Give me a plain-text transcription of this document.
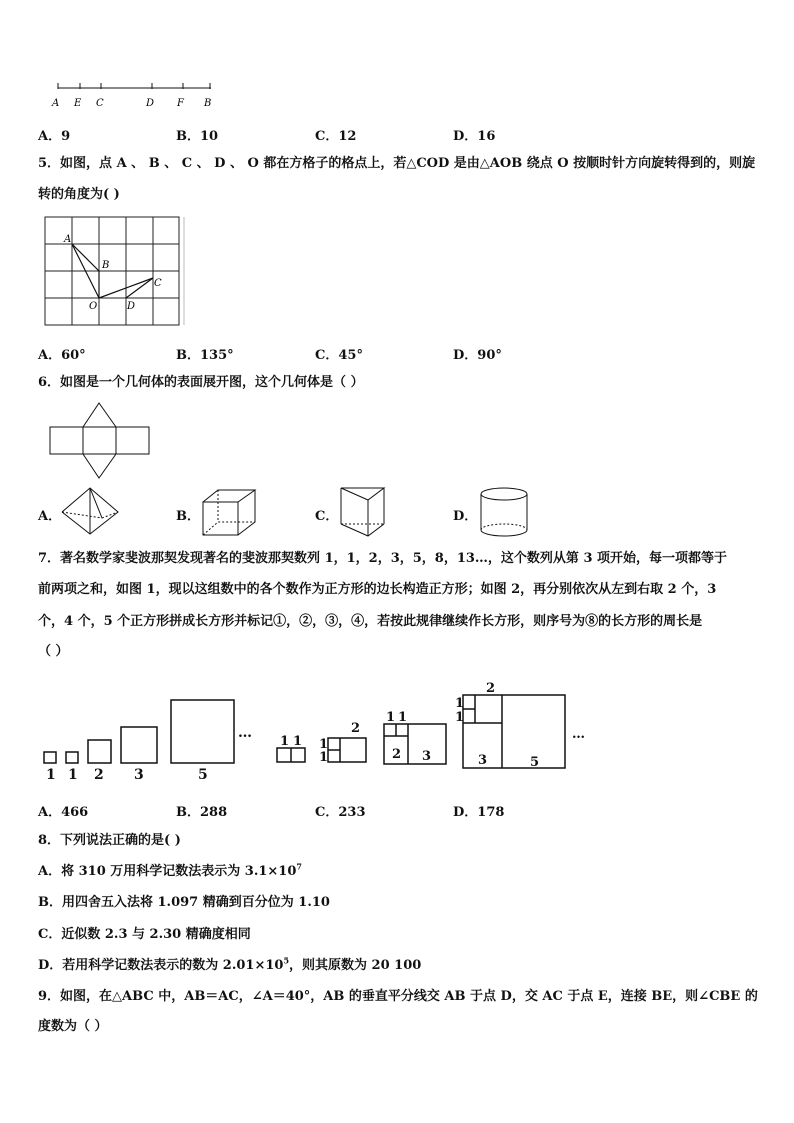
A E C	D F B
A．9	B．10	C．12	D．16
5．如图，点 A 、 B 、 C 、 D 、 O 都在方格子的格点上，若△COD 是由△AOB 绕点 O 按顺时针方向旋转得到的，则旋
转的角度为( )
A
B
C
O	D
A．60°	B．135°	C．45°	D．90°
6．如图是一个几何体的表面展开图，这个几何体是（ ）
A．	B．	C．	D．
7．著名数学家斐波那契发现著名的斐波那契数列 1，1，2，3，5，8，13…，这个数列从第 3 项开始，每一项都等于
前两项之和，如图 1，现以这组数中的各个数作为正方形的边长构造正方形；如图 2，再分别依次从左到右取 2 个，3
个，4 个，5 个正方形拼成长方形并标记①，②，③，④，若按此规律继续作长方形，则序号为⑧的长方形的周长是
（ ）
1 1 2 3	5
…
1 1 1
1
2
1 1
2 3
2
1
1
3	5
…
A．466	B．288	C．233	D．178
8．下列说法正确的是( )
A．将 310 万用科学记数法表示为 $3.1\times 10^7$
B．用四舍五入法将 1.097 精确到百分位为 1.10
C．近似数 2.3 与 2.30 精确度相同
D．若用科学记数法表示的数为 $2.01\times 10^5$，则其原数为 20 100
9．如图，在△ABC 中，AB＝AC，∠A＝40°，AB 的垂直平分线交 AB 于点 D，交 AC 于点 E，连接 BE，则∠CBE 的
度数为（ ）
